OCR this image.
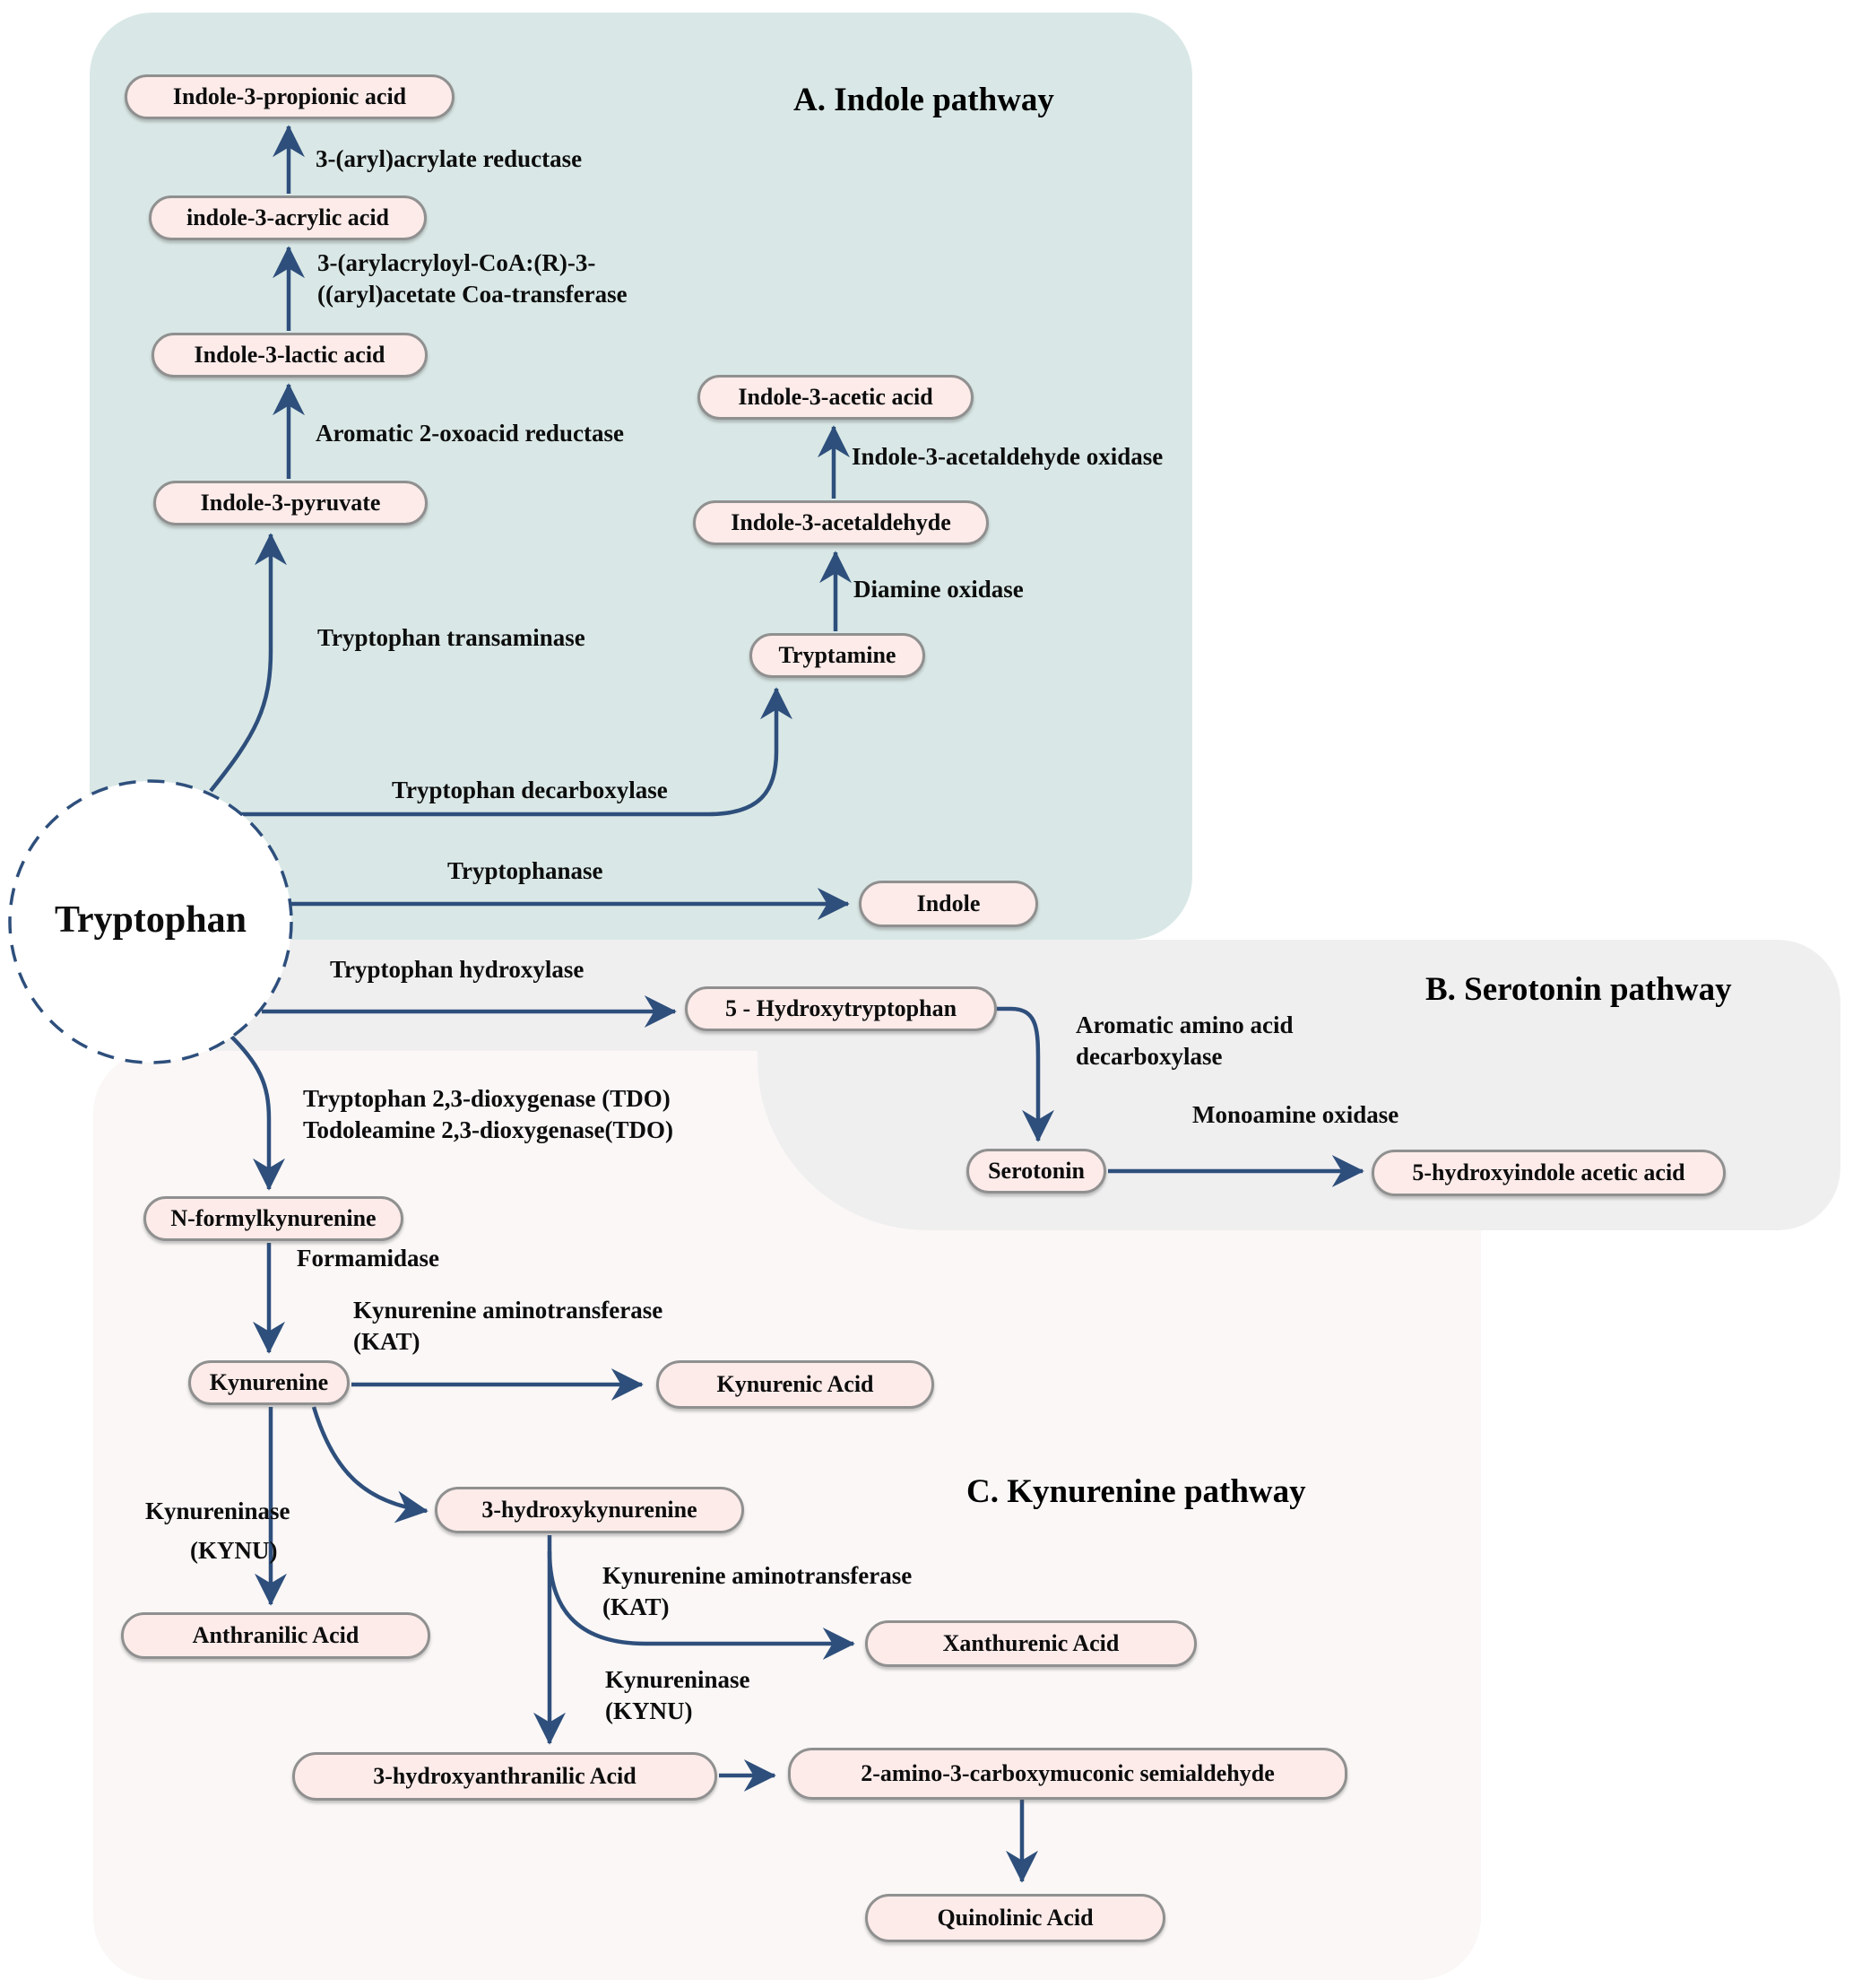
Tryptophan
A. Indole pathway
B. Serotonin pathway
C. Kynurenine pathway
Indole-3-propionic acid
indole-3-acrylic acid
Indole-3-lactic acid
Indole-3-pyruvate
Indole-3-acetic acid
Indole-3-acetaldehyde
Tryptamine
Indole
5 - Hydroxytryptophan
Serotonin	5-hydroxyindole acetic acid
N-formylkynurenine
Kynurenine	Kynurenic Acid
3-hydroxykynurenine
Anthranilic Acid	Xanthurenic Acid
3-hydroxyanthranilic Acid	2-amino-3-carboxymuconic semialdehyde
Quinolinic Acid
3-(aryl)acrylate reductase
3-(arylacryloyl-CoA:(R)-3-
((aryl)acetate Coa-transferase
Aromatic 2-oxoacid reductase
Tryptophan transaminase
Indole-3-acetaldehyde oxidase
Diamine oxidase
Tryptophan decarboxylase
Tryptophanase
Tryptophan hydroxylase
Aromatic amino acid
decarboxylase
Monoamine oxidase
Tryptophan 2,3-dioxygenase (TDO)
Todoleamine 2,3-dioxygenase(TDO)
Formamidase
Kynurenine aminotransferase
(KAT)
Kynureninase
(KYNU)
Kynurenine aminotransferase
(KAT)
Kynureninase
(KYNU)
